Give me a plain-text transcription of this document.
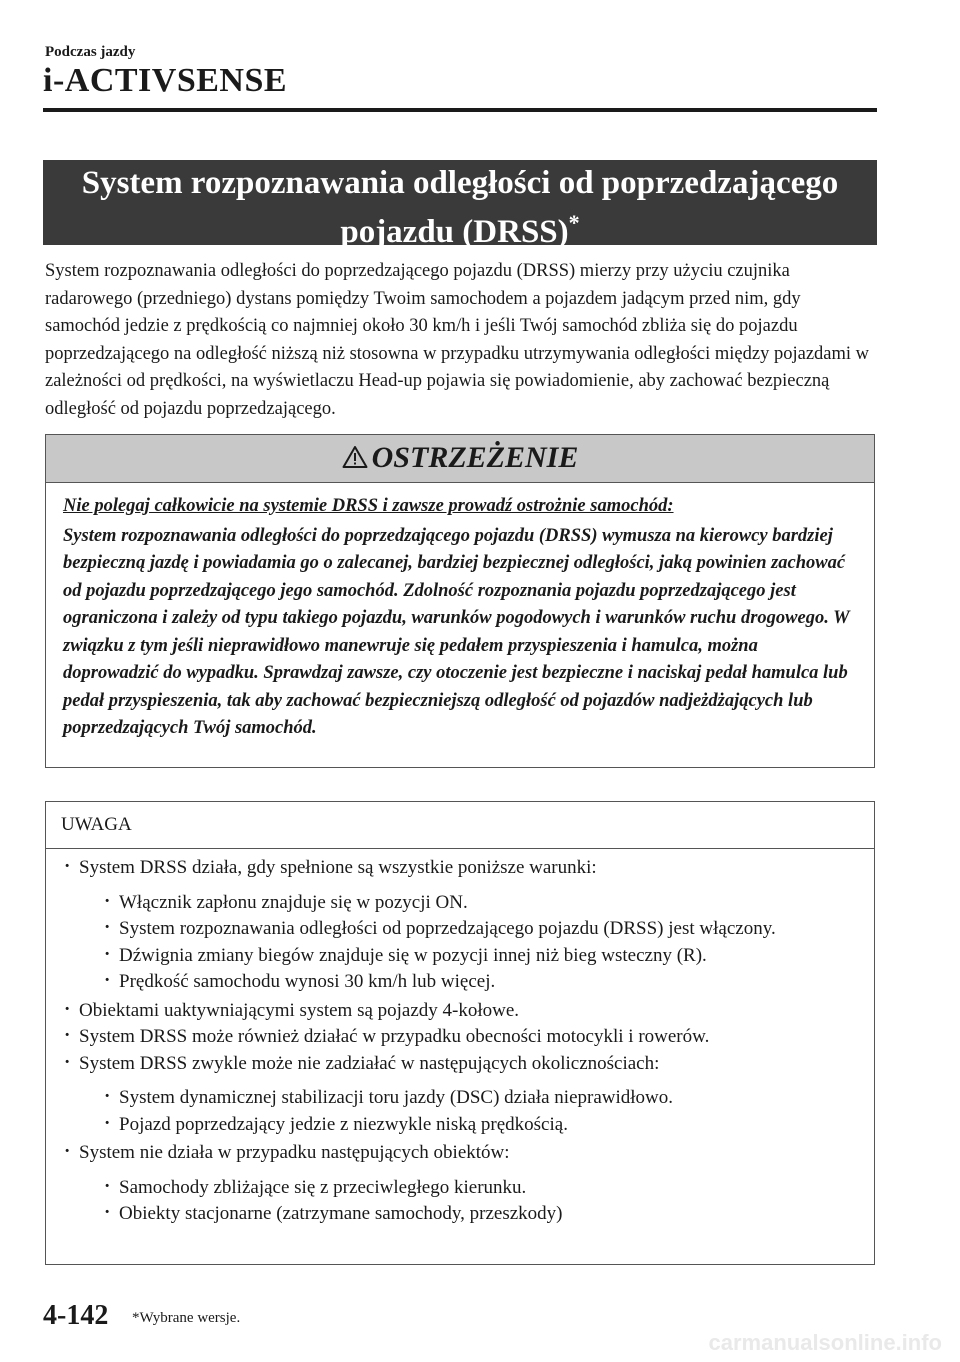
Podczas jazdy
i-ACTIVSENSE
System rozpoznawania odległości od poprzedzającego
pojazdu (DRSS)*
System rozpoznawania odległości do poprzedzającego pojazdu (DRSS) mierzy przy użyciu czujnika radarowego (przedniego) dystans pomiędzy Twoim samochodem a pojazdem jadącym przed nim, gdy samochód jedzie z prędkością co najmniej około 30 km/h i jeśli Twój samochód zbliża się do pojazdu poprzedzającego na odległość niższą niż stosowna w przypadku utrzymywania odległości między pojazdami w zależności od prędkości, na wyświetlaczu Head-up pojawia się powiadomienie, aby zachować bezpieczną odległość od pojazdu poprzedzającego.
OSTRZEŻENIE
Nie polegaj całkowicie na systemie DRSS i zawsze prowadź ostrożnie samochód:
System rozpoznawania odległości do poprzedzającego pojazdu (DRSS) wymusza na kierowcy bardziej bezpieczną jazdę i powiadamia go o zalecanej, bardziej bezpiecznej odległości, jaką powinien zachować od pojazdu poprzedzającego jego samochód. Zdolność rozpoznania pojazdu poprzedzającego jest ograniczona i zależy od typu takiego pojazdu, warunków pogodowych i warunków ruchu drogowego. W związku z tym jeśli nieprawidłowo manewruje się pedałem przyspieszenia i hamulca, można doprowadzić do wypadku. Sprawdzaj zawsze, czy otoczenie jest bezpieczne i naciskaj pedał hamulca lub pedał przyspieszenia, tak aby zachować bezpieczniejszą odległość od pojazdów nadjeżdżających lub poprzedzających Twój samochód.
UWAGA
· System DRSS działa, gdy spełnione są wszystkie poniższe warunki:
· Włącznik zapłonu znajduje się w pozycji ON.
· System rozpoznawania odległości od poprzedzającego pojazdu (DRSS) jest włączony.
· Dźwignia zmiany biegów znajduje się w pozycji innej niż bieg wsteczny (R).
· Prędkość samochodu wynosi 30 km/h lub więcej.
· Obiektami uaktywniającymi system są pojazdy 4-kołowe.
· System DRSS może również działać w przypadku obecności motocykli i rowerów.
· System DRSS zwykle może nie zadziałać w następujących okolicznościach:
· System dynamicznej stabilizacji toru jazdy (DSC) działa nieprawidłowo.
· Pojazd poprzedzający jedzie z niezwykle niską prędkością.
· System nie działa w przypadku następujących obiektów:
· Samochody zbliżające się z przeciwległego kierunku.
· Obiekty stacjonarne (zatrzymane samochody, przeszkody)
4-142 *Wybrane wersje.
carmanualsonline.info
